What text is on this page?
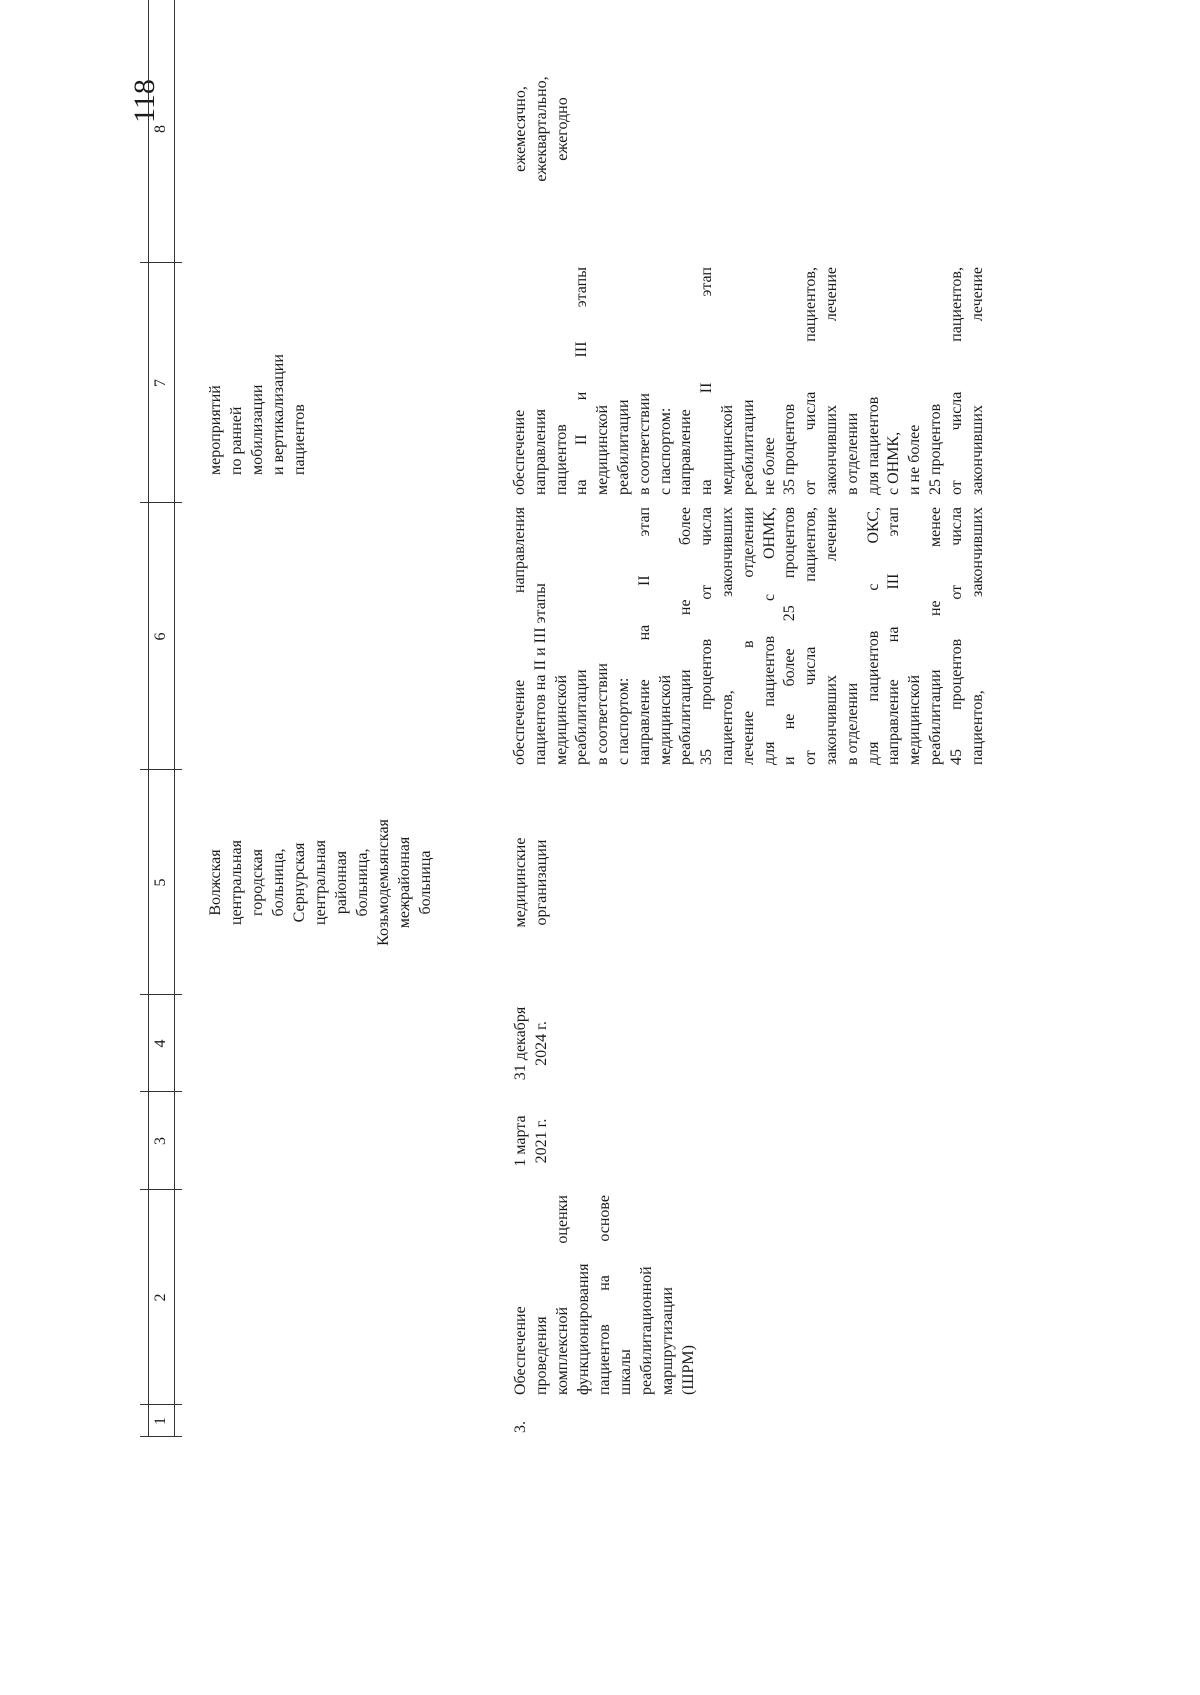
118
1
2
3
4
5
6
7
8
Волжская центральная городская больница, Сернурская центральная районная больница, Козьмодемьянская межрайонная больница
мероприятий по ранней мобилизации и вертикализации пациентов
3.
Обеспечение проведения комплексной оценки функционирования пациентов на основе шкалы реабилитационной маршрутизации (ШРМ)
1 марта 2021 г.
31 декабря 2024 г.
медицинские организации
обеспечение направления пациентов на II и III этапы медицинской реабилитации в соответствии с паспортом: направление на II этап медицинской реабилитации не более 35 процентов от числа пациентов, закончивших лечение в отделении для пациентов с ОНМК, и не более 25 процентов от числа пациентов, закончивших лечение в отделении для пациентов с ОКС, направление на III этап медицинской реабилитации не менее 45 процентов от числа пациентов, закончивших
обеспечение направления пациентов на II и III этапы медицинской реабилитации в соответствии с паспортом: направление на II этап медицинской реабилитации не более 35 процентов от числа пациентов, закончивших лечение в отделении для пациентов с ОНМК, и не более 25 процентов от числа пациентов, закончивших лечение
ежемесячно, ежеквартально, ежегодно
